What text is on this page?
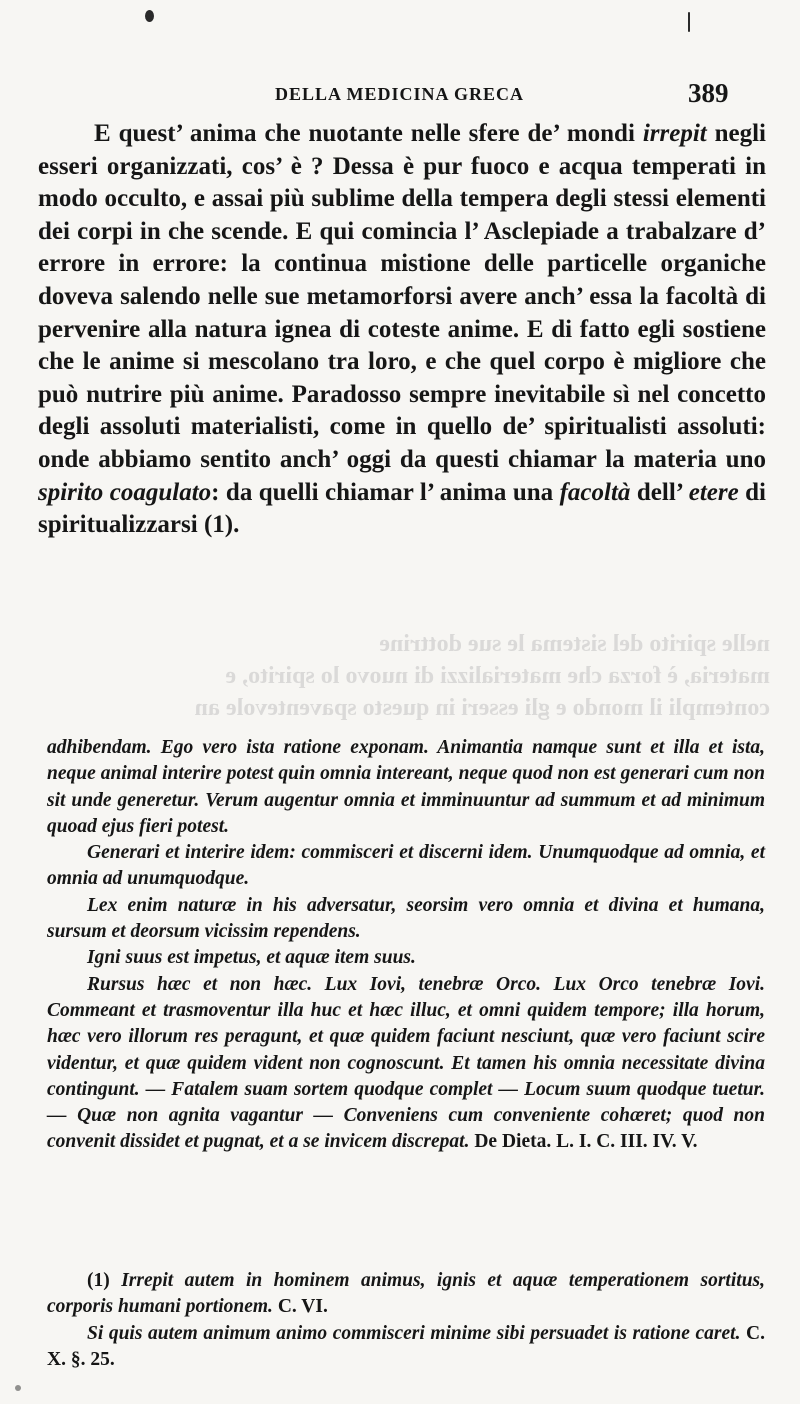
DELLA MEDICINA GRECA	389

E quest’ anima che nuotante nelle sfere de’ mondi irrepit negli esseri organizzati, cos’ è ? Dessa è pur fuoco e acqua temperati in modo occulto, e assai più sublime della tempera degli stessi elementi dei corpi in che scende. E qui comincia l’ Asclepiade a trabalzare d’ errore in errore: la continua mistione delle particelle organiche doveva salendo nelle sue metamorforsi avere anch’ essa la facoltà di pervenire alla natura ignea di coteste anime. E di fatto egli sostiene che le anime si mescolano tra loro, e che quel corpo è migliore che può nutrire più anime. Paradosso sempre inevitabile sì nel concetto degli assoluti materialisti, come in quello de’ spiritualisti assoluti: onde abbiamo sentito anch’ oggi da questi chiamar la materia uno spirito coagulato: da quelli chiamar l’ anima una facoltà dell’ etere di spiritualizzarsi (1).

nelle spirito del sistema le sue dottrine
materia, è forza che materializzi di nuovo lo spirito, e
contempli il mondo e gli esseri in questo spaventevole an

adhibendam. Ego vero ista ratione exponam. Animantia namque sunt et illa et ista, neque animal interire potest quin omnia intereant, neque quod non est generari cum non sit unde generetur. Verum augentur omnia et imminuuntur ad summum et ad minimum quoad ejus fieri potest.

Generari et interire idem: commisceri et discerni idem. Unumquodque ad omnia, et omnia ad unumquodque.

Lex enim naturæ in his adversatur, seorsim vero omnia et divina et humana, sursum et deorsum vicissim rependens.

Igni suus est impetus, et aquæ item suus.

Rursus hæc et non hæc. Lux Iovi, tenebræ Orco. Lux Orco tenebræ Iovi. Commeant et trasmoventur illa huc et hæc illuc, et omni quidem tempore; illa horum, hæc vero illorum res peragunt, et quæ quidem faciunt nesciunt, quæ vero faciunt scire videntur, et quæ quidem vident non cognoscunt. Et tamen his omnia necessitate divina contingunt. — Fatalem suam sortem quodque complet — Locum suum quodque tuetur. — Quæ non agnita vagantur — Conveniens cum conveniente cohæret; quod non convenit dissidet et pugnat, et a se invicem discrepat. De Dieta. L. I. C. III. IV. V.

(1) Irrepit autem in hominem animus, ignis et aquæ temperationem sortitus, corporis humani portionem. C. VI.

Si quis autem animum animo commisceri minime sibi persuadet is ratione caret. C. X. §. 25.
